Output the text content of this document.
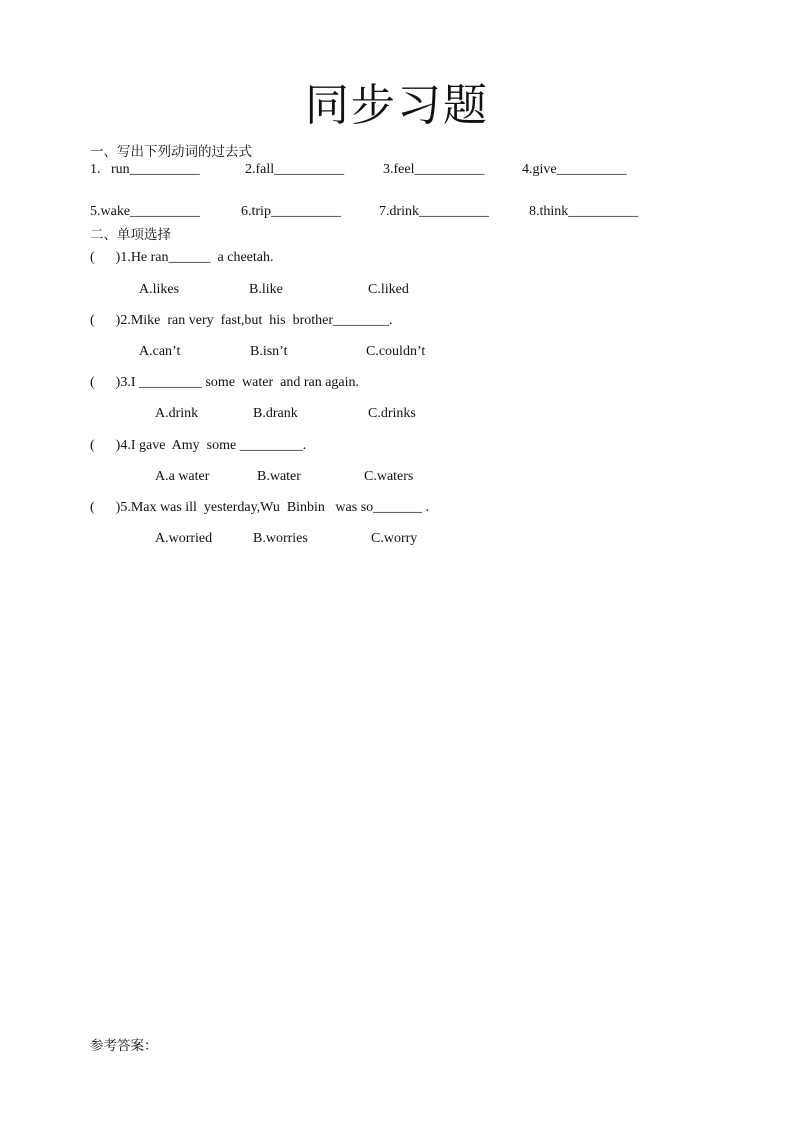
同步习题
一、写出下列动词的过去式
1.   run__________	2.fall__________	3.feel__________	4.give__________
5.wake__________	6.trip__________	7.drink__________	8.think__________
二、单项选择
(      )1.He ran______  a cheetah.
A.likes	B.like	C.liked
(      )2.Mike  ran very  fast,but  his  brother________.
A.can’t	B.isn’t	C.couldn’t
(      )3.I _________ some  water  and ran again.
A.drink	B.drank	C.drinks
(      )4.I gave  Amy  some _________.
A.a water	B.water	C.waters
(      )5.Max was ill  yesterday,Wu  Binbin   was so_______ .
A.worried	B.worries	C.worry
参考答案：
